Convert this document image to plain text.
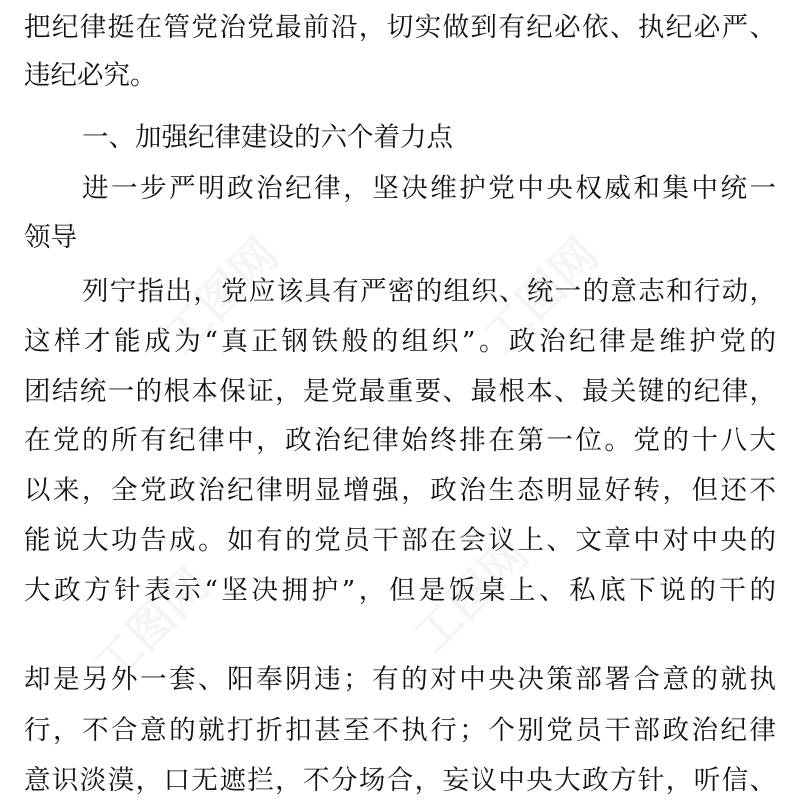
工图网	工图网
工图网	工图网
把纪律挺在管党治党最前沿，切实做到有纪必依、执纪必严、
违纪必究。
一、加强纪律建设的六个着力点
进一步严明政治纪律，坚决维护党中央权威和集中统一
领导
列宁指出，党应该具有严密的组织、统一的意志和行动，
这样才能成为“真正钢铁般的组织”。政治纪律是维护党的
团结统一的根本保证，是党最重要、最根本、最关键的纪律，
在党的所有纪律中，政治纪律始终排在第一位。党的十八大
以来，全党政治纪律明显增强，政治生态明显好转，但还不
能说大功告成。如有的党员干部在会议上、文章中对中央的
大政方针表示“坚决拥护”，但是饭桌上、私底下说的干的
却是另外一套、阳奉阴违；有的对中央决策部署合意的就执
行，不合意的就打折扣甚至不执行；个别党员干部政治纪律
意识淡漠，口无遮拦，不分场合，妄议中央大政方针，听信、
